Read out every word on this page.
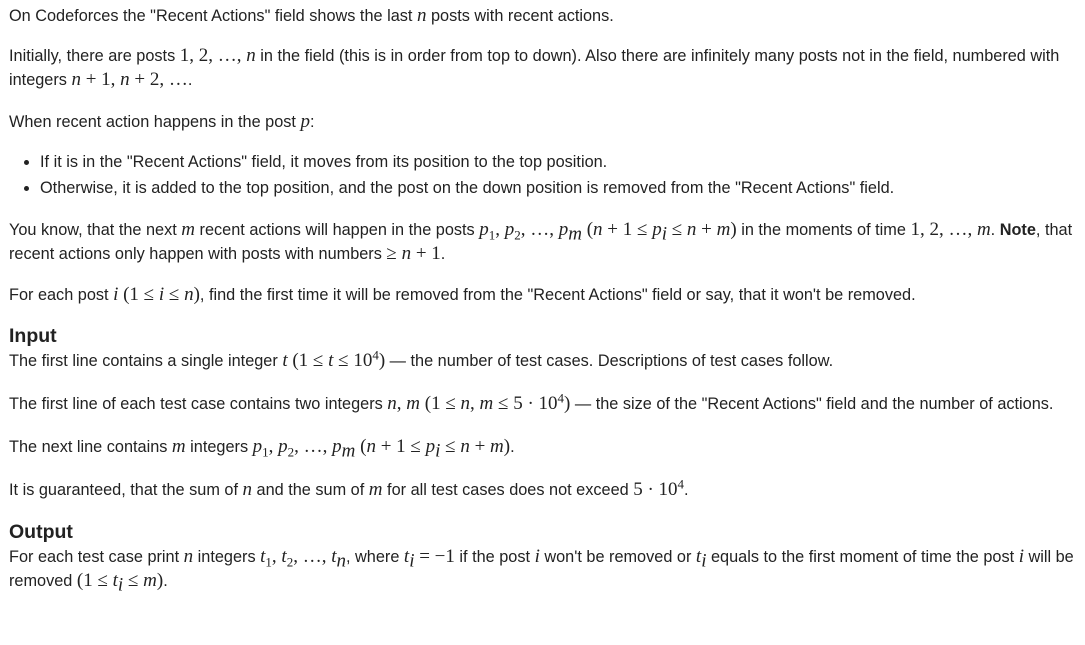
On Codeforces the "Recent Actions" field shows the last n posts with recent actions.

Initially, there are posts 1, 2, …, n in the field (this is in order from top to down). Also there are infinitely many posts not in the field, numbered with integers n + 1, n + 2, ….

When recent action happens in the post p:

• If it is in the "Recent Actions" field, it moves from its position to the top position.
• Otherwise, it is added to the top position, and the post on the down position is removed from the "Recent Actions" field.

You know, that the next m recent actions will happen in the posts $p_1$, $p_2$, …, $p_m$ $(n + 1 \le p_i \le n + m)$ in the moments of time 1, 2, …, m. Note, that recent actions only happen with posts with numbers ≥ n + 1.

For each post i (1 ≤ i ≤ n), find the first time it will be removed from the "Recent Actions" field or say, that it won't be removed.

Input

The first line contains a single integer t $(1 \le t \le 10^4)$ — the number of test cases. Descriptions of test cases follow.

The first line of each test case contains two integers n, m (1 ≤ n, $m \le 5 \cdot 10^4$) — the size of the "Recent Actions" field and the number of actions.

The next line contains m integers $p_1$, $p_2$, …, $p_m$ $(n + 1 \le p_i \le n + m)$.

It is guaranteed, that the sum of n and the sum of m for all test cases does not exceed $5 \cdot 10^4$.

Output

For each test case print n integers $t_1$, $t_2$, …, $t_n$, where $t_i = -1$ if the post i won't be removed or $t_i$ equals to the first moment of time the post i will be removed $(1 \le t_i \le m)$.
